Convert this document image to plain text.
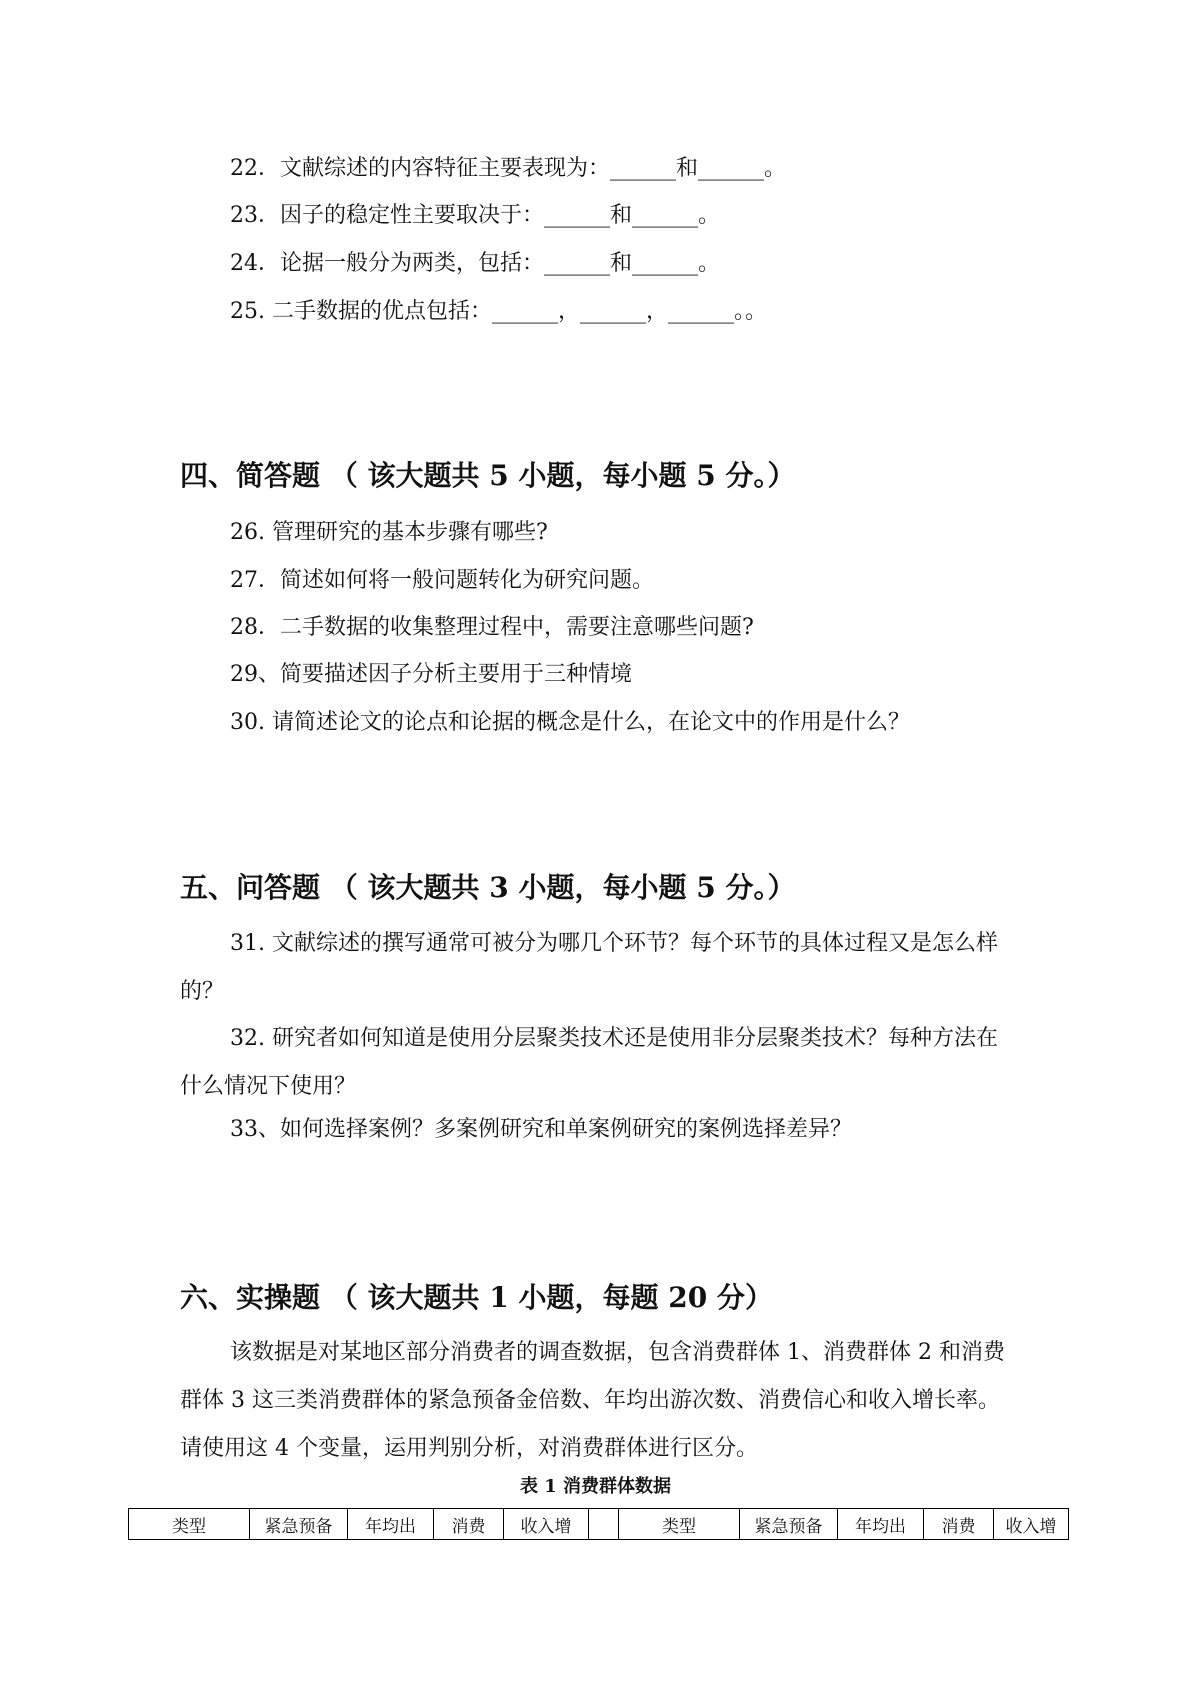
22．文献综述的内容特征主要表现为：______和______。
23．因子的稳定性主要取决于：______和______。
24．论据一般分为两类，包括：______和______。
25. 二手数据的优点包括：______，______，______。。
四、简答题 （ 该大题共 5 小题，每小题 5 分。）
26. 管理研究的基本步骤有哪些?
27．简述如何将一般问题转化为研究问题。
28．二手数据的收集整理过程中，需要注意哪些问题?
29、简要描述因子分析主要用于三种情境
30. 请简述论文的论点和论据的概念是什么，在论文中的作用是什么？
五、问答题 （ 该大题共 3 小题，每小题 5 分。）
31. 文献综述的撰写通常可被分为哪几个环节？每个环节的具体过程又是怎么样的？
32. 研究者如何知道是使用分层聚类技术还是使用非分层聚类技术？每种方法在什么情况下使用？
33、如何选择案例？多案例研究和单案例研究的案例选择差异？
六、实操题 （ 该大题共 1 小题，每题 20 分）
该数据是对某地区部分消费者的调查数据，包含消费群体 1、消费群体 2 和消费群体 3 这三类消费群体的紧急预备金倍数、年均出游次数、消费信心和收入增长率。请使用这 4 个变量，运用判别分析，对消费群体进行区分。
表 1 消费群体数据
类型	紧急预备	年均出	消费	收入增		类型	紧急预备	年均出	消费	收入增
